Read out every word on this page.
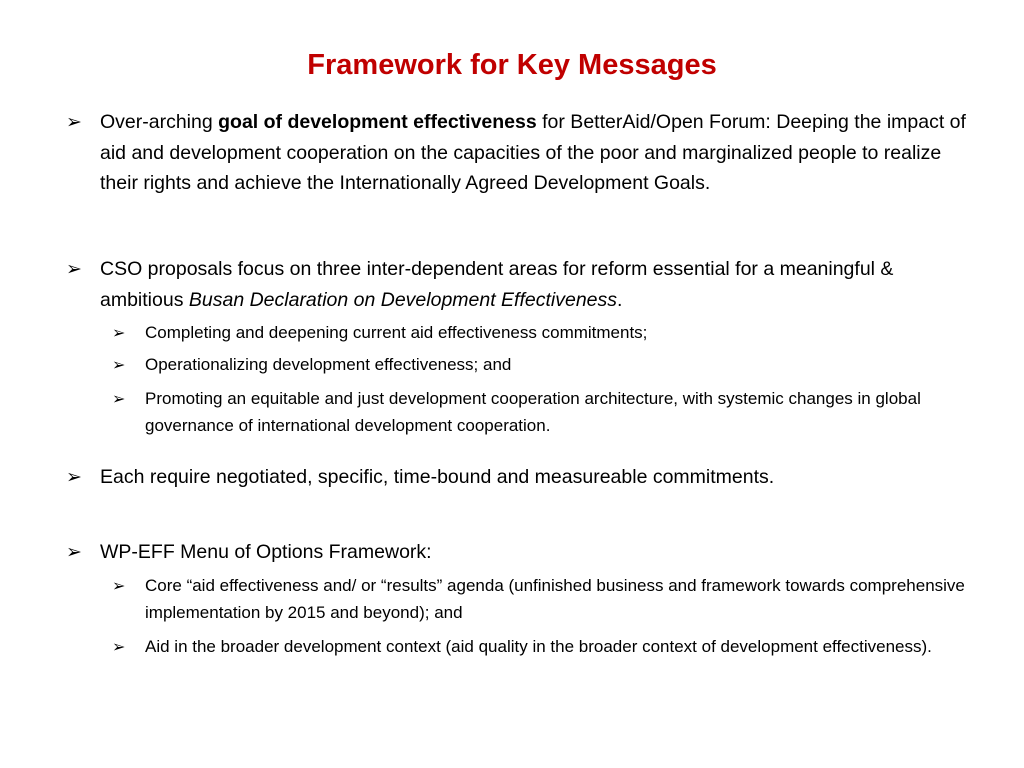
Framework for Key Messages
➢ Over-arching goal of development effectiveness for BetterAid/Open Forum: Deeping the impact of aid and development cooperation on the capacities of the poor and marginalized people to realize their rights and achieve the Internationally Agreed Development Goals.
➢ CSO proposals focus on three inter-dependent areas for reform essential for a meaningful & ambitious Busan Declaration on Development Effectiveness.
➢	Completing and deepening current aid effectiveness commitments;
➢	Operationalizing development effectiveness; and
➢	Promoting an equitable and just development cooperation architecture, with systemic changes in global governance of international development cooperation.
➢ Each require negotiated, specific, time-bound and measureable commitments.
➢ WP-EFF Menu of Options Framework:
➢	Core “aid effectiveness and/ or “results” agenda (unfinished business and framework towards comprehensive implementation by 2015 and beyond); and
➢	Aid in the broader development context (aid quality in the broader context of development effectiveness).
